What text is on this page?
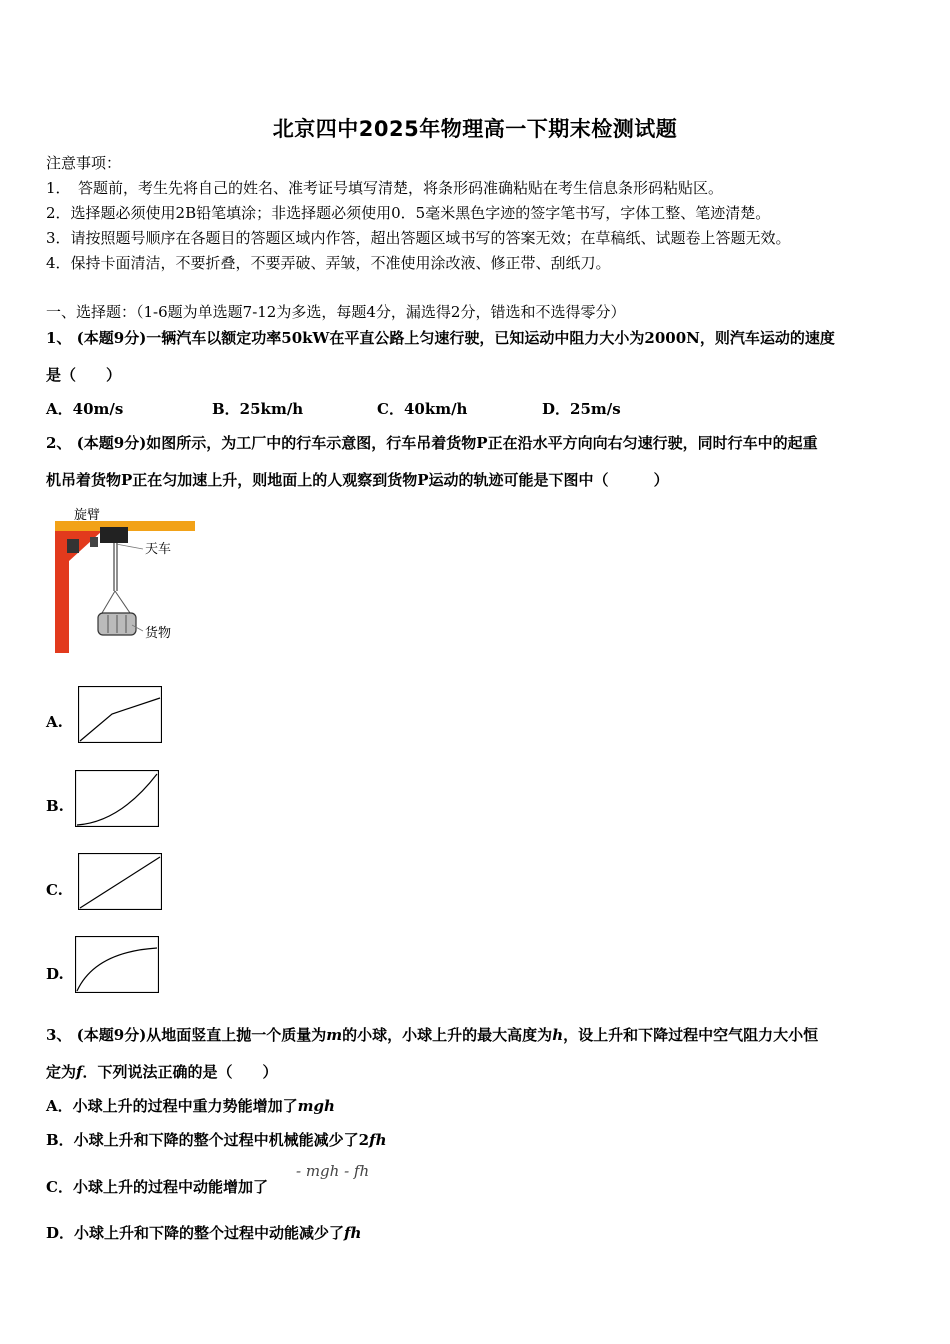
北京四中2025年物理高一下期末检测试题
注意事项：
1．　答题前，考生先将自己的姓名、准考证号填写清楚，将条形码准确粘贴在考生信息条形码粘贴区。
2．选择题必须使用2B铅笔填涂；非选择题必须使用0．5毫米黑色字迹的签字笔书写，字体工整、笔迹清楚。
3．请按照题号顺序在各题目的答题区域内作答，超出答题区域书写的答案无效；在草稿纸、试题卷上答题无效。
4．保持卡面清洁，不要折叠，不要弄破、弄皱，不准使用涂改液、修正带、刮纸刀。
一、选择题：（1-6题为单选题7-12为多选，每题4分，漏选得2分，错选和不选得零分）
1、 (本题9分)一辆汽车以额定功率50kW在平直公路上匀速行驶，已知运动中阻力大小为2000N，则汽车运动的速度
是（　　）
A．40m/s	B．25km/h	C．40km/h	D．25m/s
2、 (本题9分)如图所示，为工厂中的行车示意图，行车吊着货物P正在沿水平方向向右匀速行驶，同时行车中的起重
机吊着货物P正在匀加速上升，则地面上的人观察到货物P运动的轨迹可能是下图中（　　　）
旋臂
天车
货物
A.
B.
C.
D.
3、 (本题9分)从地面竖直上抛一个质量为m的小球，小球上升的最大高度为h，设上升和下降过程中空气阻力大小恒
定为f．下列说法正确的是（　　）
A．小球上升的过程中重力势能增加了mgh
B．小球上升和下降的整个过程中机械能减少了2fh
C．小球上升的过程中动能增加了
- mgh - fh
D．小球上升和下降的整个过程中动能减少了fh
